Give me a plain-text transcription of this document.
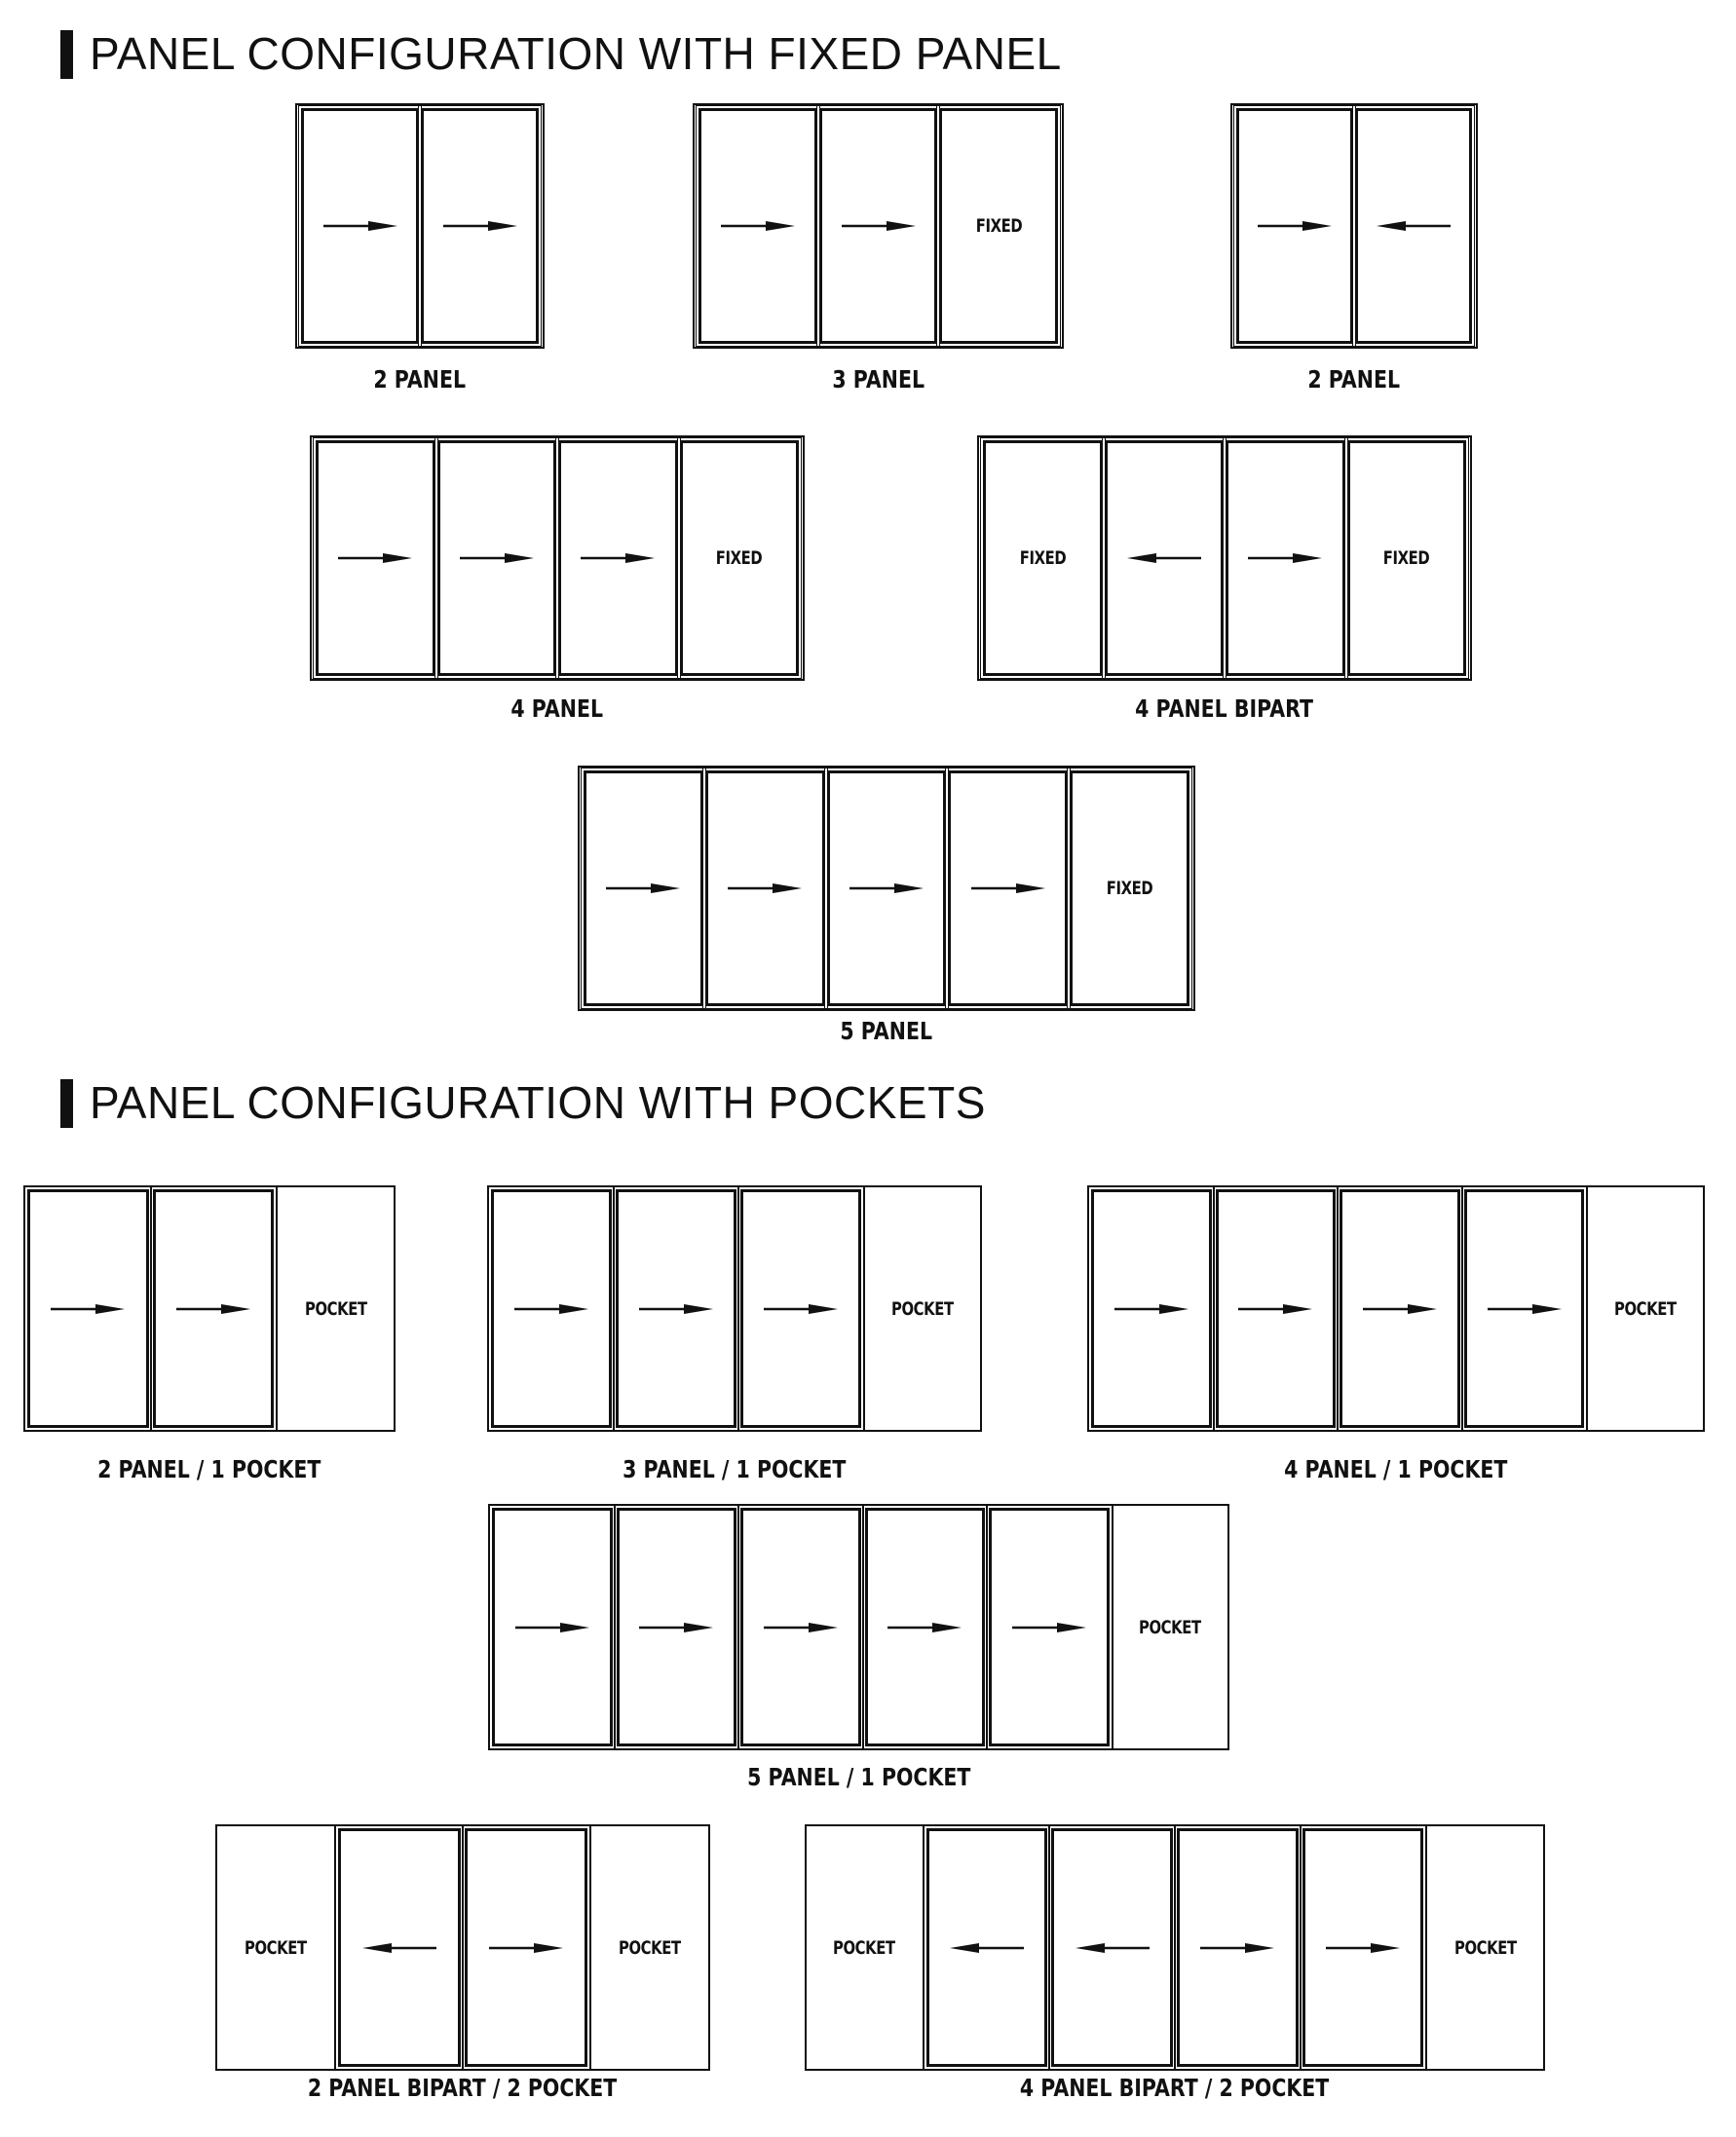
PANEL CONFIGURATION WITH FIXED PANEL
PANEL CONFIGURATION WITH POCKETS
2 PANEL
FIXED
3 PANEL	2 PANEL
FIXED
4 PANEL
FIXED	FIXED
4 PANEL BIPART
FIXED
5 PANEL
POCKET
2 PANEL / 1 POCKET
POCKET
3 PANEL / 1 POCKET
POCKET
4 PANEL / 1 POCKET
POCKET
5 PANEL / 1 POCKET
POCKET	POCKET
2 PANEL BIPART / 2 POCKET
POCKET	POCKET
4 PANEL BIPART / 2 POCKET
